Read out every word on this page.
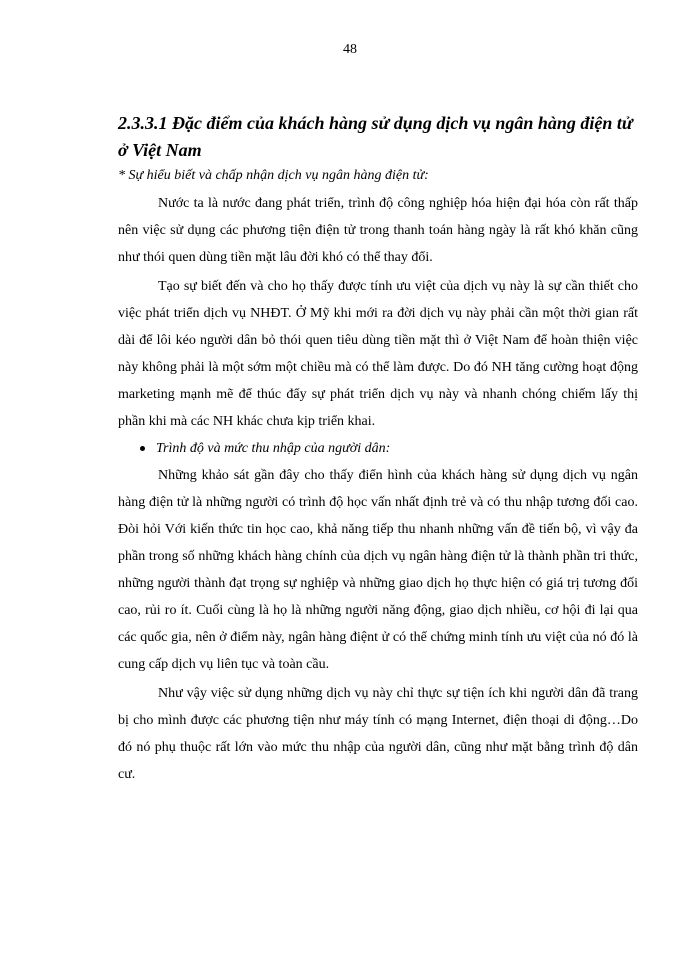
48

2.3.3.1 Đặc điểm của khách hàng sử dụng dịch vụ ngân hàng điện tử ở Việt Nam

* Sự hiểu biết và chấp nhận dịch vụ ngân hàng điện tử:

Nước ta là nước đang phát triển, trình độ công nghiệp hóa hiện đại hóa còn rất thấp nên việc sử dụng các phương tiện điện tử trong thanh toán hàng ngày là rất khó khăn cũng như thói quen dùng tiền mặt lâu đời khó có thể thay đổi.

Tạo sự biết đến và cho họ thấy được tính ưu việt của dịch vụ này là sự cần thiết cho việc phát triển dịch vụ NHĐT. Ở Mỹ khi mới ra đời dịch vụ này phải cần một thời gian rất dài để lôi kéo người dân bỏ thói quen tiêu dùng tiền mặt thì ở Việt Nam để hoàn thiện việc này không phải là một sớm một chiều mà có thể làm được. Do đó NH tăng cường hoạt động marketing mạnh mẽ để thúc đẩy sự phát triển dịch vụ này và nhanh chóng chiếm lấy thị phần khi mà các NH khác chưa kịp triển khai.

Trình độ và mức thu nhập của người dân:

Những khảo sát gần đây cho thấy điển hình của khách hàng sử dụng dịch vụ ngân hàng điện tử là những người có trình độ học vấn nhất định trẻ và có thu nhập tương đối cao. Đòi hỏi Với kiến thức tin học cao, khả năng tiếp thu nhanh những vấn đề tiến bộ, vì vậy đa phần trong số những khách hàng chính của dịch vụ ngân hàng điện tử là thành phần tri thức, những người thành đạt trọng sự nghiệp và những giao dịch họ thực hiện có giá trị tương đối cao, rủi ro ít. Cuối cùng là họ là những người năng động, giao dịch nhiều, cơ hội đi lại qua các quốc gia, nên ở điểm này, ngân hàng điệnt ử có thể chứng minh tính ưu việt của nó đó là cung cấp dịch vụ liên tục và toàn cầu.

Như vậy việc sử dụng những dịch vụ này chỉ thực sự tiện ích khi người dân đã trang bị cho mình được các phương tiện như máy tính có mạng Internet, điện thoại di động…Do đó nó phụ thuộc rất lớn vào mức thu nhập của người dân, cũng như mặt bằng trình độ dân cư.
